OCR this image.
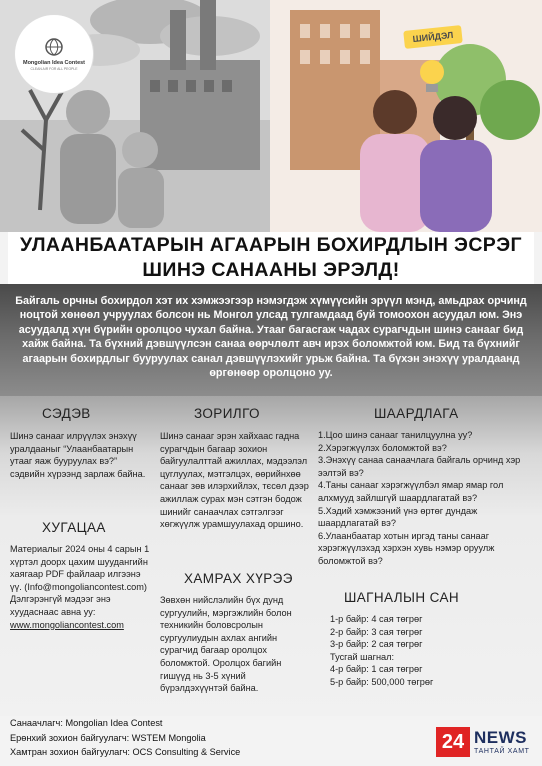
Mongolian Idea Contest
CLEAN AIR FOR ALL PEOPLE
ШИЙДЭЛ
УЛААНБААТАРЫН АГААРЫН БОХИРДЛЫН ЭСРЭГ
ШИНЭ САНААНЫ ЭРЭЛД!

Байгаль орчны бохирдол хэт их хэмжээгээр нэмэгдэж хүмүүсийн эрүүл мэнд, амьдрах орчинд ноцтой хөнөөл учруулах болсон нь Монгол улсад тулгамдаад буй томоохон асуудал юм. Энэ асуудалд хүн бүрийн оролцоо чухал байна. Утааг багасгаж чадах сурагчдын шинэ санааг бид хайж байна. Та бүхний дэвшүүлсэн санаа өөрчлөлт авч ирэх боломжтой юм. Бид та бүхнийг агаарын бохирдлыг бууруулах санал дэвшүүлэхийг урьж байна. Та бүхэн энэхүү уралдаанд өргөнөөр оролцоно уу.

СЭДЭВ
Шинэ санааг илрүүлэх энэхүү уралдааныг “Улаанбаатарын утааг яаж бууруулах вэ?” сэдвийн хүрээнд зарлаж байна.
ХУГАЦАА
Материалыг 2024 оны 4 сарын 1 хүртэл доорх цахим шуудангийн хаягаар PDF файлаар илгээнэ үү. (Info@mongoliancontest.com) Дэлгэрэнгүй мэдээг энэ хуудаснаас авна уу:
www.mongoliancontest.com
ЗОРИЛГО
Шинэ санааг эрэн хайхаас гадна сурагчдын багаар зохион байгуулалттай ажиллах, мэдээлэл цуглуулах, мэтгэлцэх, өөрийнхөө санааг зөв илэрхийлэх, тєсөл дээр ажиллаж сурах мэн сэтгэн бодож шинийг санаачлах сэтгэлгээг хөгжүүлж урамшуулахад оршино.
ХАМРАХ ХҮРЭЭ
Зөвхөн нийслэлийн бүх дунд сургуулийн, мэргэжлийн болон техникийн боловсролын сургуулиудын ахлах ангийн сурагчид багаар оролцох боломжтой. Оролцох багийн гишүүд нь 3-5 хүний бүрэлдэхүүнтэй байна.
ШААРДЛАГА
1.Цоо шинэ санааг танилцуулна уу?
2.Хэрэгжүүлэх боломжтой вэ?
3.Энэхүү санаа санаачлага байгаль орчинд хэр ээлтэй вэ?
4.Таны санааг хэрэгжүүлбэл ямар ямар гол алхмууд зайлшгүй шаардлагатай вэ?
5.Хэдий хэмжээний үнэ өртөг дундаж шаардлагатай вэ?
6.Улаанбаатар хотын иргэд таны санааг хэрэгжүүлэхэд хэрхэн хувь нэмэр оруулж боломжтой вэ?
ШАГНАЛЫН САН
1-р байр: 4 сая төгрөг
2-р байр: 3 сая төгрөг
3-р байр: 2 сая төгрөг
Тусгай шагнал:
4-р байр: 1 сая төгрөг
5-р байр: 500,000 төгрөг
Санаачлагч: Mongolian Idea Contest
Ерөнхий зохион байгуулагч: WSTEM Mongolia
Хамтран зохион байгуулагч: OCS Consulting & Service	24 NEWS
ТАНТАЙ ХАМТ
